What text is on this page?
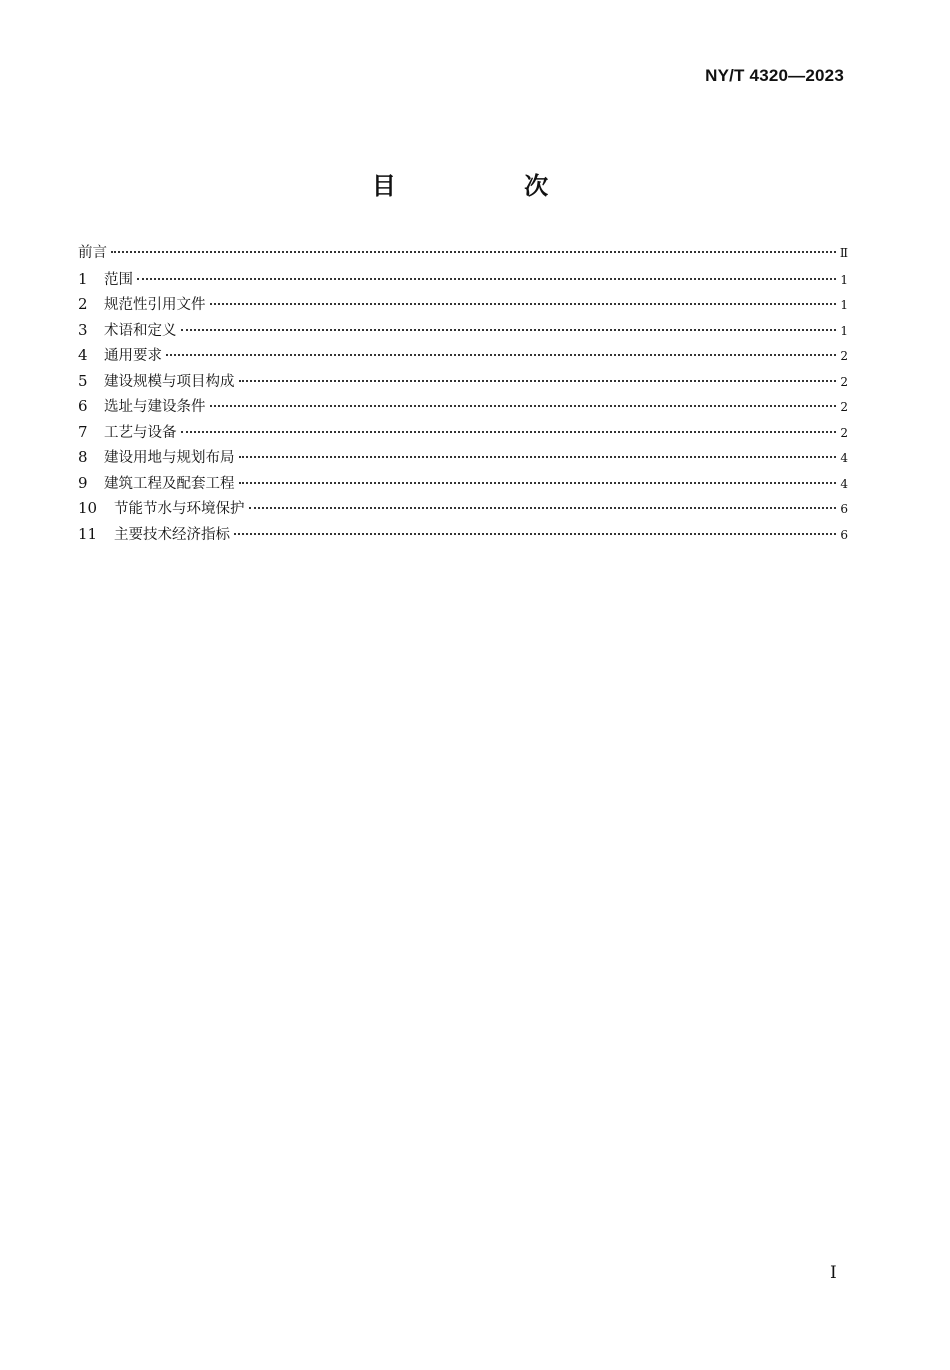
NY/T 4320—2023
目 次
前言	Ⅱ
1	范围	1
2	规范性引用文件	1
3	术语和定义	1
4	通用要求	2
5	建设规模与项目构成	2
6	选址与建设条件	2
7	工艺与设备	2
8	建设用地与规划布局	4
9	建筑工程及配套工程	4
10	节能节水与环境保护	6
11	主要技术经济指标	6
I
